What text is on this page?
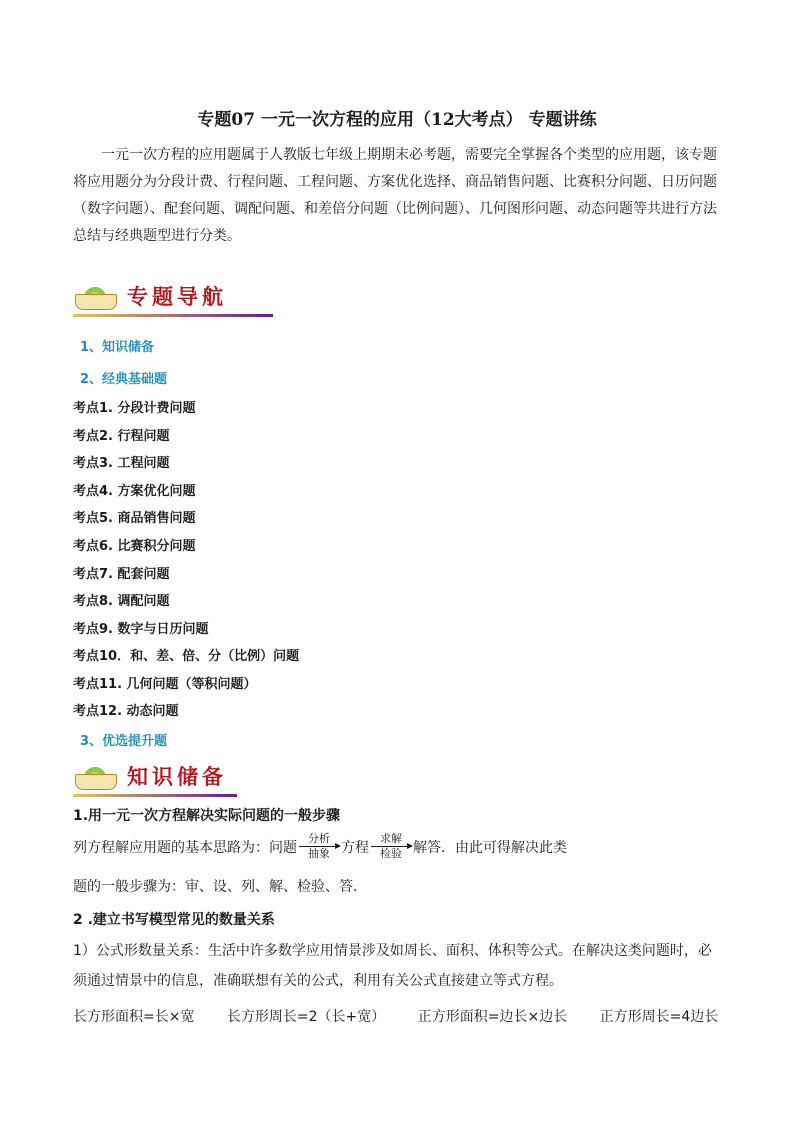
专题07 一元一次方程的应用（12大考点） 专题讲练
一元一次方程的应用题属于人教版七年级上期期末必考题，需要完全掌握各个类型的应用题，该专题将应用题分为分段计费、行程问题、工程问题、方案优化选择、商品销售问题、比赛积分问题、日历问题（数字问题）、配套问题、调配问题、和差倍分问题（比例问题）、几何图形问题、动态问题等共进行方法总结与经典题型进行分类。
专题导航
1、知识储备
2、经典基础题
考点1. 分段计费问题
考点2. 行程问题
考点3. 工程问题
考点4. 方案优化问题
考点5. 商品销售问题
考点6. 比赛积分问题
考点7. 配套问题
考点8. 调配问题
考点9. 数字与日历问题
考点10．和、差、倍、分（比例）问题
考点11. 几何问题（等积问题）
考点12. 动态问题
3、优选提升题
知识储备
1.用一元一次方程解决实际问题的一般步骤
列方程解应用题的基本思路为：问题
分析
抽象 方程
求解
检验 解答．由此可得解决此类
题的一般步骤为：审、设、列、解、检验、答．
2 .建立书写模型常见的数量关系
1）公式形数量关系：生活中许多数学应用情景涉及如周长、面积、体积等公式。在解决这类问题时，必须通过情景中的信息，准确联想有关的公式，利用有关公式直接建立等式方程。
长方形面积=长×宽 长方形周长=2（长+宽） 正方形面积=边长×边长 正方形周长=4边长
